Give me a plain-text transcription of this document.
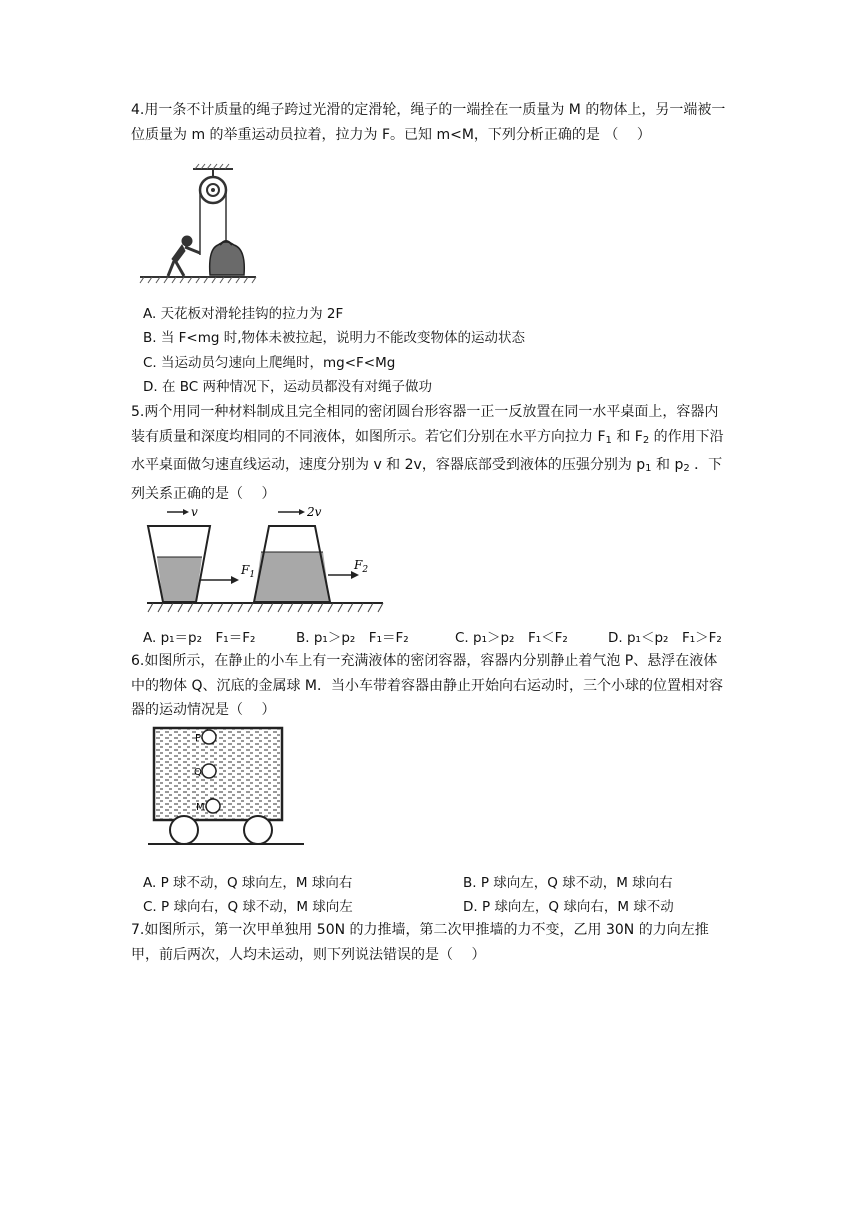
4.用一条不计质量的绳子跨过光滑的定滑轮，绳子的一端拴在一质量为 M 的物体上，另一端被一位质量为 m 的举重运动员拉着，拉力为 F。已知 m<M，下列分析正确的是 （　 ）
A. 天花板对滑轮挂钩的拉力为 2F
B. 当 F<mg 时,物体未被拉起，说明力不能改变物体的运动状态
C. 当运动员匀速向上爬绳时，mg<F<Mg
D. 在 BC 两种情况下，运动员都没有对绳子做功
5.两个用同一种材料制成且完全相同的密闭圆台形容器一正一反放置在同一水平桌面上，容器内装有质量和深度均相同的不同液体，如图所示。若它们分别在水平方向拉力 $F_1$ 和 $F_2$ 的作用下沿水平桌面做匀速直线运动，速度分别为 v 和 2v，容器底部受到液体的压强分别为 $p_1$ 和 $p_2$ ．下列关系正确的是（　 ）
v
$F_1$
2v
$F_2$
A. p₁＝p₂　F₁＝F₂	B. p₁＞p₂　F₁＝F₂	C. p₁＞p₂　F₁＜F₂	D. p₁＜p₂　F₁＞F₂
6.如图所示，在静止的小车上有一充满液体的密闭容器，容器内分别静止着气泡 P、悬浮在液体中的物体 Q、沉底的金属球 M．当小车带着容器由静止开始向右运动时，三个小球的位置相对容器的运动情况是（　 ）
P
Q
M
A. P 球不动，Q 球向左，M 球向右	B. P 球向左，Q 球不动，M 球向右
C. P 球向右，Q 球不动，M 球向左	D. P 球向左，Q 球向右，M 球不动
7.如图所示，第一次甲单独用 50N 的力推墙，第二次甲推墙的力不变，乙用 30N 的力向左推甲，前后两次，人均未运动，则下列说法错误的是（　 ）
